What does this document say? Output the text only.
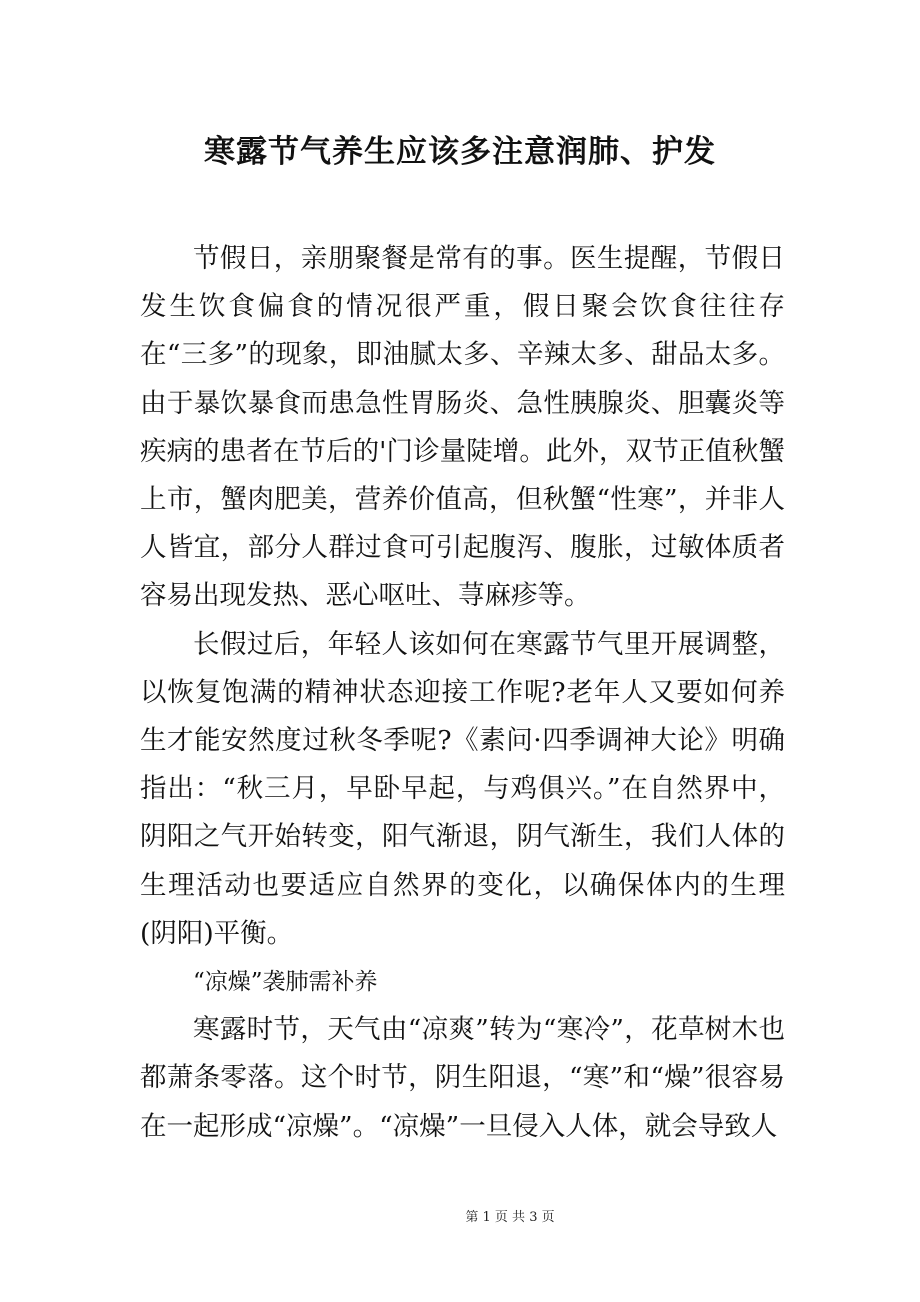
寒露节气养生应该多注意润肺、护发

节假日，亲朋聚餐是常有的事。医生提醒，节假日发生饮食偏食的情况很严重，假日聚会饮食往往存在“三多”的现象，即油腻太多、辛辣太多、甜品太多。由于暴饮暴食而患急性胃肠炎、急性胰腺炎、胆囊炎等疾病的患者在节后的'门诊量陡增。此外，双节正值秋蟹上市，蟹肉肥美，营养价值高，但秋蟹“性寒”，并非人人皆宜，部分人群过食可引起腹泻、腹胀，过敏体质者容易出现发热、恶心呕吐、荨麻疹等。

长假过后，年轻人该如何在寒露节气里开展调整，以恢复饱满的精神状态迎接工作呢?老年人又要如何养生才能安然度过秋冬季呢?《素问·四季调神大论》明确指出：“秋三月，早卧早起，与鸡俱兴。”在自然界中，阴阳之气开始转变，阳气渐退，阴气渐生，我们人体的生理活动也要适应自然界的变化，以确保体内的生理(阴阳)平衡。

“凉燥”袭肺需补养

寒露时节，天气由“凉爽”转为“寒冷”，花草树木也都萧条零落。这个时节，阴生阳退，“寒”和“燥”很容易在一起形成“凉燥”。“凉燥”一旦侵入人体，就会导致人

第 1 页 共 3 页
